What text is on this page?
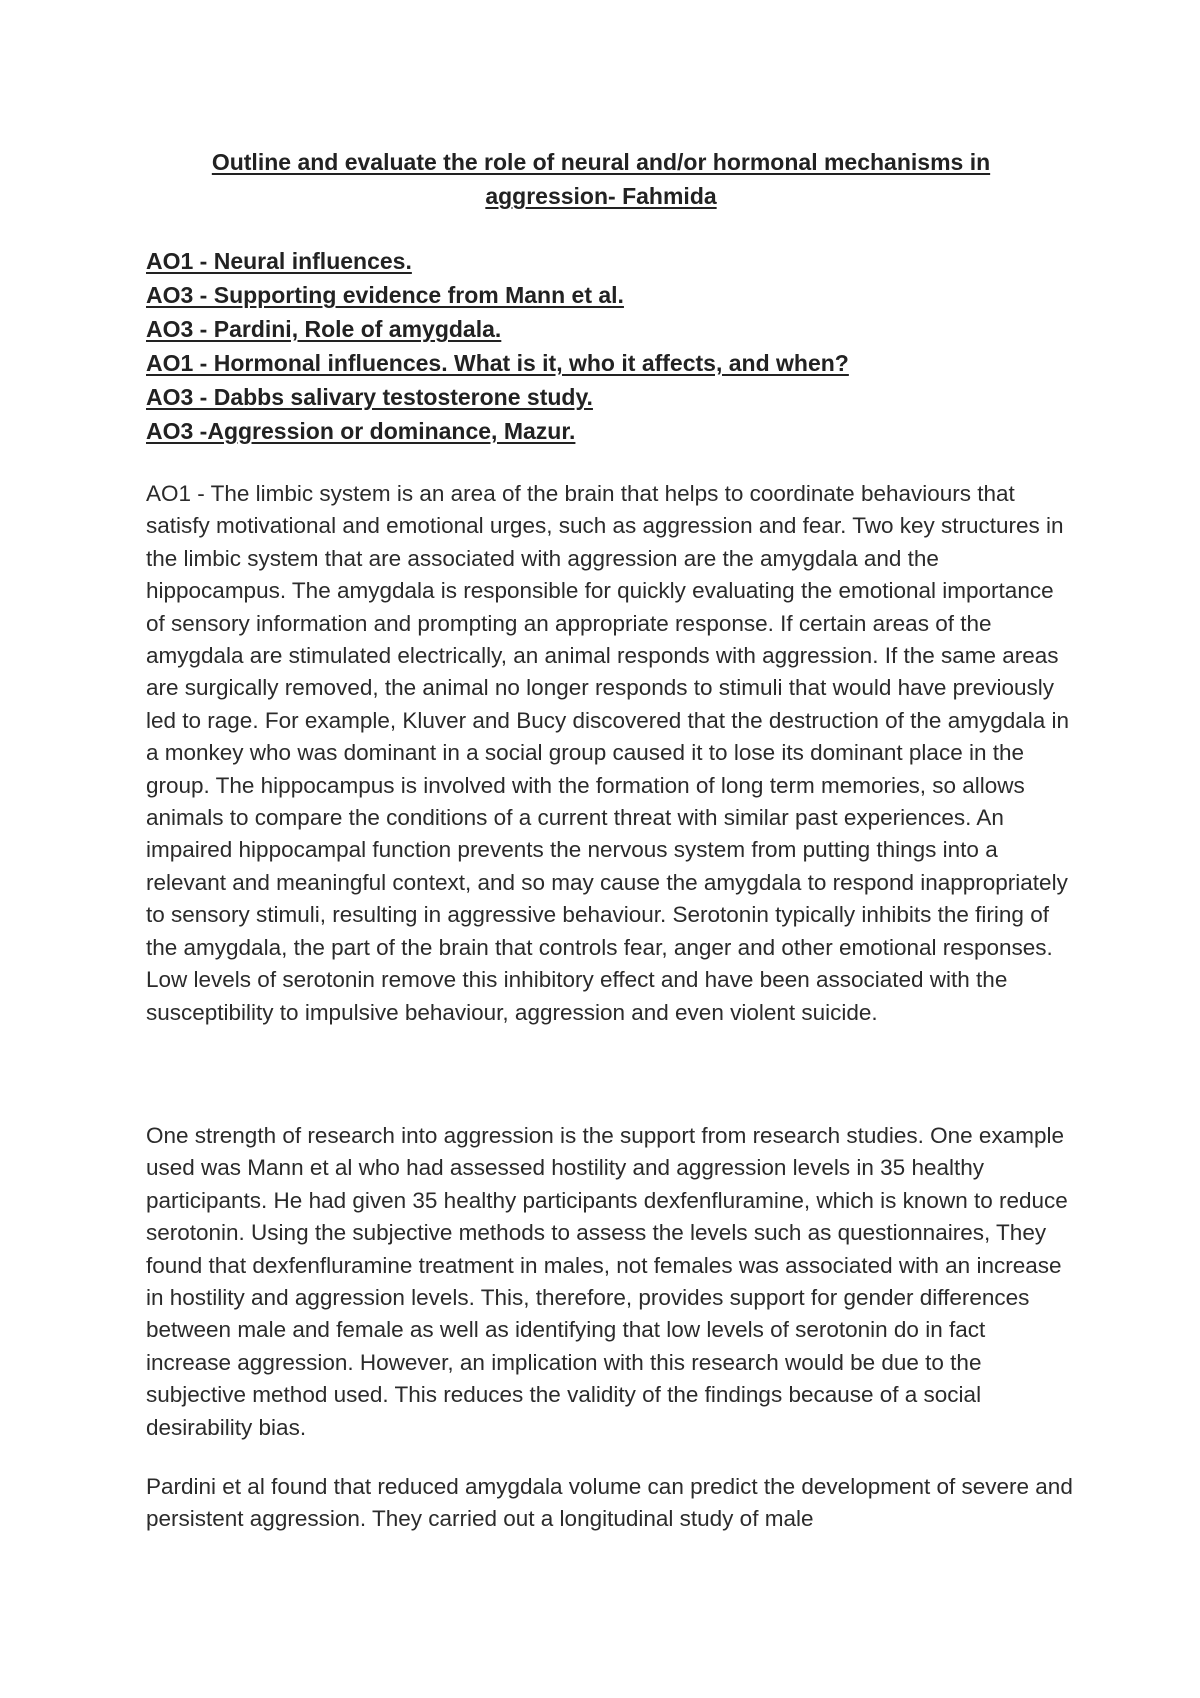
Outline and evaluate the role of neural and/or hormonal mechanisms in aggression- Fahmida
AO1 - Neural influences.
AO3 - Supporting evidence from Mann et al.
AO3 - Pardini, Role of amygdala.
AO1 - Hormonal influences. What is it, who it affects, and when?
AO3 - Dabbs salivary testosterone study.
AO3 -Aggression or dominance, Mazur.

AO1 - The limbic system is an area of the brain that helps to coordinate behaviours that satisfy motivational and emotional urges, such as aggression and fear. Two key structures in the limbic system that are associated with aggression are the amygdala and the hippocampus. The amygdala is responsible for quickly evaluating the emotional importance of sensory information and prompting an appropriate response. If certain areas of the amygdala are stimulated electrically, an animal responds with aggression. If the same areas are surgically removed, the animal no longer responds to stimuli that would have previously led to rage. For example, Kluver and Bucy discovered that the destruction of the amygdala in a monkey who was dominant in a social group caused it to lose its dominant place in the group. The hippocampus is involved with the formation of long term memories, so allows animals to compare the conditions of a current threat with similar past experiences. An impaired hippocampal function prevents the nervous system from putting things into a relevant and meaningful context, and so may cause the amygdala to respond inappropriately to sensory stimuli, resulting in aggressive behaviour. Serotonin typically inhibits the firing of the amygdala, the part of the brain that controls fear, anger and other emotional responses. Low levels of serotonin remove this inhibitory effect and have been associated with the susceptibility to impulsive behaviour, aggression and even violent suicide.

One strength of research into aggression is the support from research studies. One example used was Mann et al who had assessed hostility and aggression levels in 35 healthy participants. He had given 35 healthy participants dexfenfluramine, which is known to reduce serotonin. Using the subjective methods to assess the levels such as questionnaires, They found that dexfenfluramine treatment in males, not females was associated with an increase in hostility and aggression levels. This, therefore, provides support for gender differences between male and female as well as identifying that low levels of serotonin do in fact increase aggression. However, an implication with this research would be due to the subjective method used. This reduces the validity of the findings because of a social desirability bias.

Pardini et al found that reduced amygdala volume can predict the development of severe and persistent aggression. They carried out a longitudinal study of male
